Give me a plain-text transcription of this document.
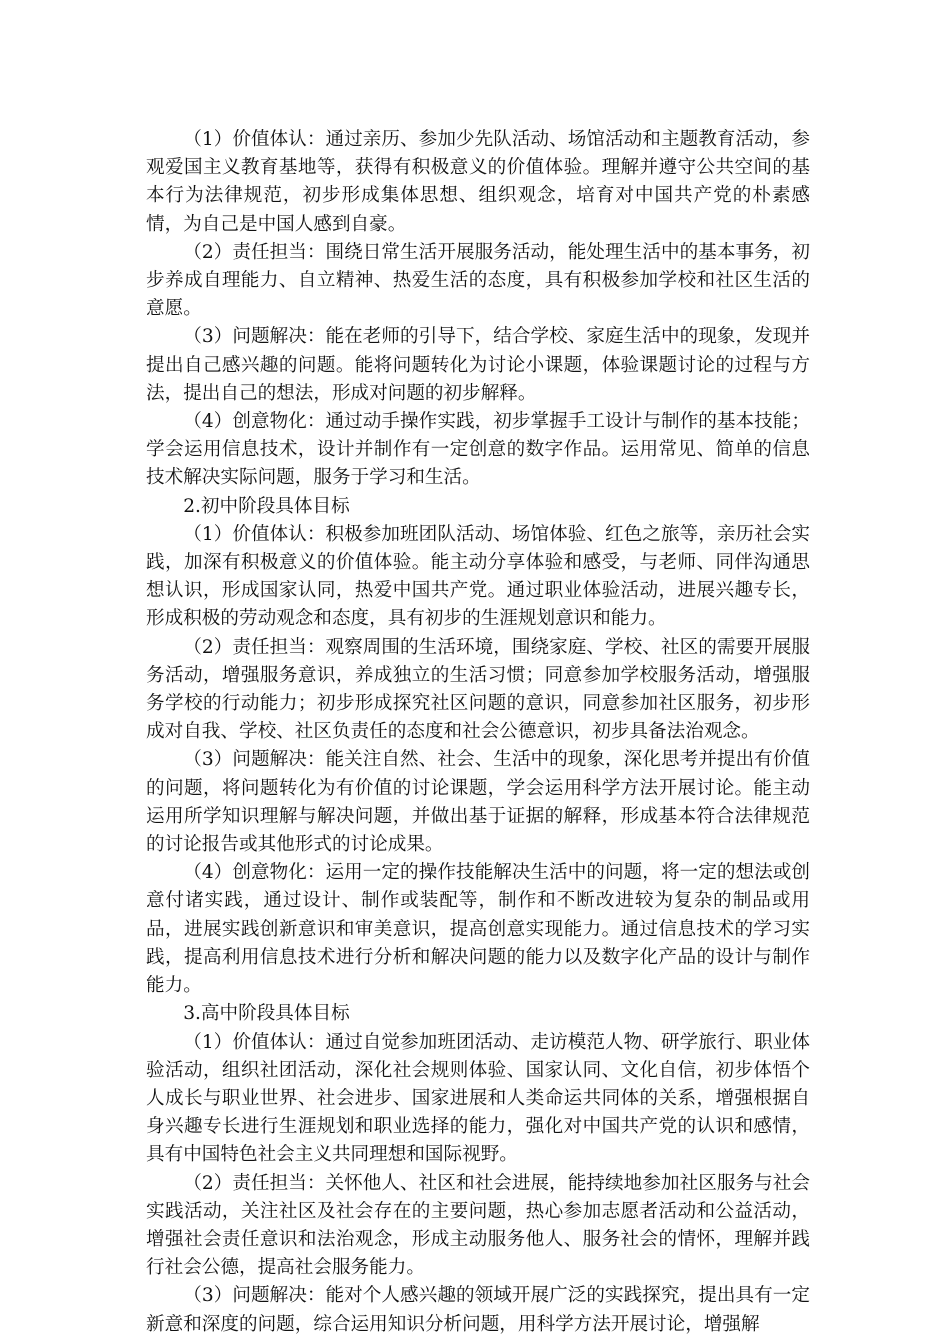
（1）价值体认：通过亲历、参加少先队活动、场馆活动和主题教育活动，参观爱国主义教育基地等，获得有积极意义的价值体验。理解并遵守公共空间的基本行为法律规范，初步形成集体思想、组织观念，培育对中国共产党的朴素感情，为自己是中国人感到自豪。

（2）责任担当：围绕日常生活开展服务活动，能处理生活中的基本事务，初步养成自理能力、自立精神、热爱生活的态度，具有积极参加学校和社区生活的意愿。

（3）问题解决：能在老师的引导下，结合学校、家庭生活中的现象，发现并提出自己感兴趣的问题。能将问题转化为讨论小课题，体验课题讨论的过程与方法，提出自己的想法，形成对问题的初步解释。

（4）创意物化：通过动手操作实践，初步掌握手工设计与制作的基本技能；学会运用信息技术，设计并制作有一定创意的数字作品。运用常见、简单的信息技术解决实际问题，服务于学习和生活。

2.初中阶段具体目标

（1）价值体认：积极参加班团队活动、场馆体验、红色之旅等，亲历社会实践，加深有积极意义的价值体验。能主动分享体验和感受，与老师、同伴沟通思想认识，形成国家认同，热爱中国共产党。通过职业体验活动，进展兴趣专长，形成积极的劳动观念和态度，具有初步的生涯规划意识和能力。

（2）责任担当：观察周围的生活环境，围绕家庭、学校、社区的需要开展服务活动，增强服务意识，养成独立的生活习惯；同意参加学校服务活动，增强服务学校的行动能力；初步形成探究社区问题的意识，同意参加社区服务，初步形成对自我、学校、社区负责任的态度和社会公德意识，初步具备法治观念。

（3）问题解决：能关注自然、社会、生活中的现象，深化思考并提出有价值的问题，将问题转化为有价值的讨论课题，学会运用科学方法开展讨论。能主动运用所学知识理解与解决问题，并做出基于证据的解释，形成基本符合法律规范的讨论报告或其他形式的讨论成果。

（4）创意物化：运用一定的操作技能解决生活中的问题，将一定的想法或创意付诸实践，通过设计、制作或装配等，制作和不断改进较为复杂的制品或用品，进展实践创新意识和审美意识，提高创意实现能力。通过信息技术的学习实践，提高利用信息技术进行分析和解决问题的能力以及数字化产品的设计与制作能力。

3.高中阶段具体目标

（1）价值体认：通过自觉参加班团活动、走访模范人物、研学旅行、职业体验活动，组织社团活动，深化社会规则体验、国家认同、文化自信，初步体悟个人成长与职业世界、社会进步、国家进展和人类命运共同体的关系，增强根据自身兴趣专长进行生涯规划和职业选择的能力，强化对中国共产党的认识和感情，具有中国特色社会主义共同理想和国际视野。

（2）责任担当：关怀他人、社区和社会进展，能持续地参加社区服务与社会实践活动，关注社区及社会存在的主要问题，热心参加志愿者活动和公益活动，增强社会责任意识和法治观念，形成主动服务他人、服务社会的情怀，理解并践行社会公德，提高社会服务能力。

（3）问题解决：能对个人感兴趣的领域开展广泛的实践探究，提出具有一定新意和深度的问题，综合运用知识分析问题，用科学方法开展讨论，增强解
